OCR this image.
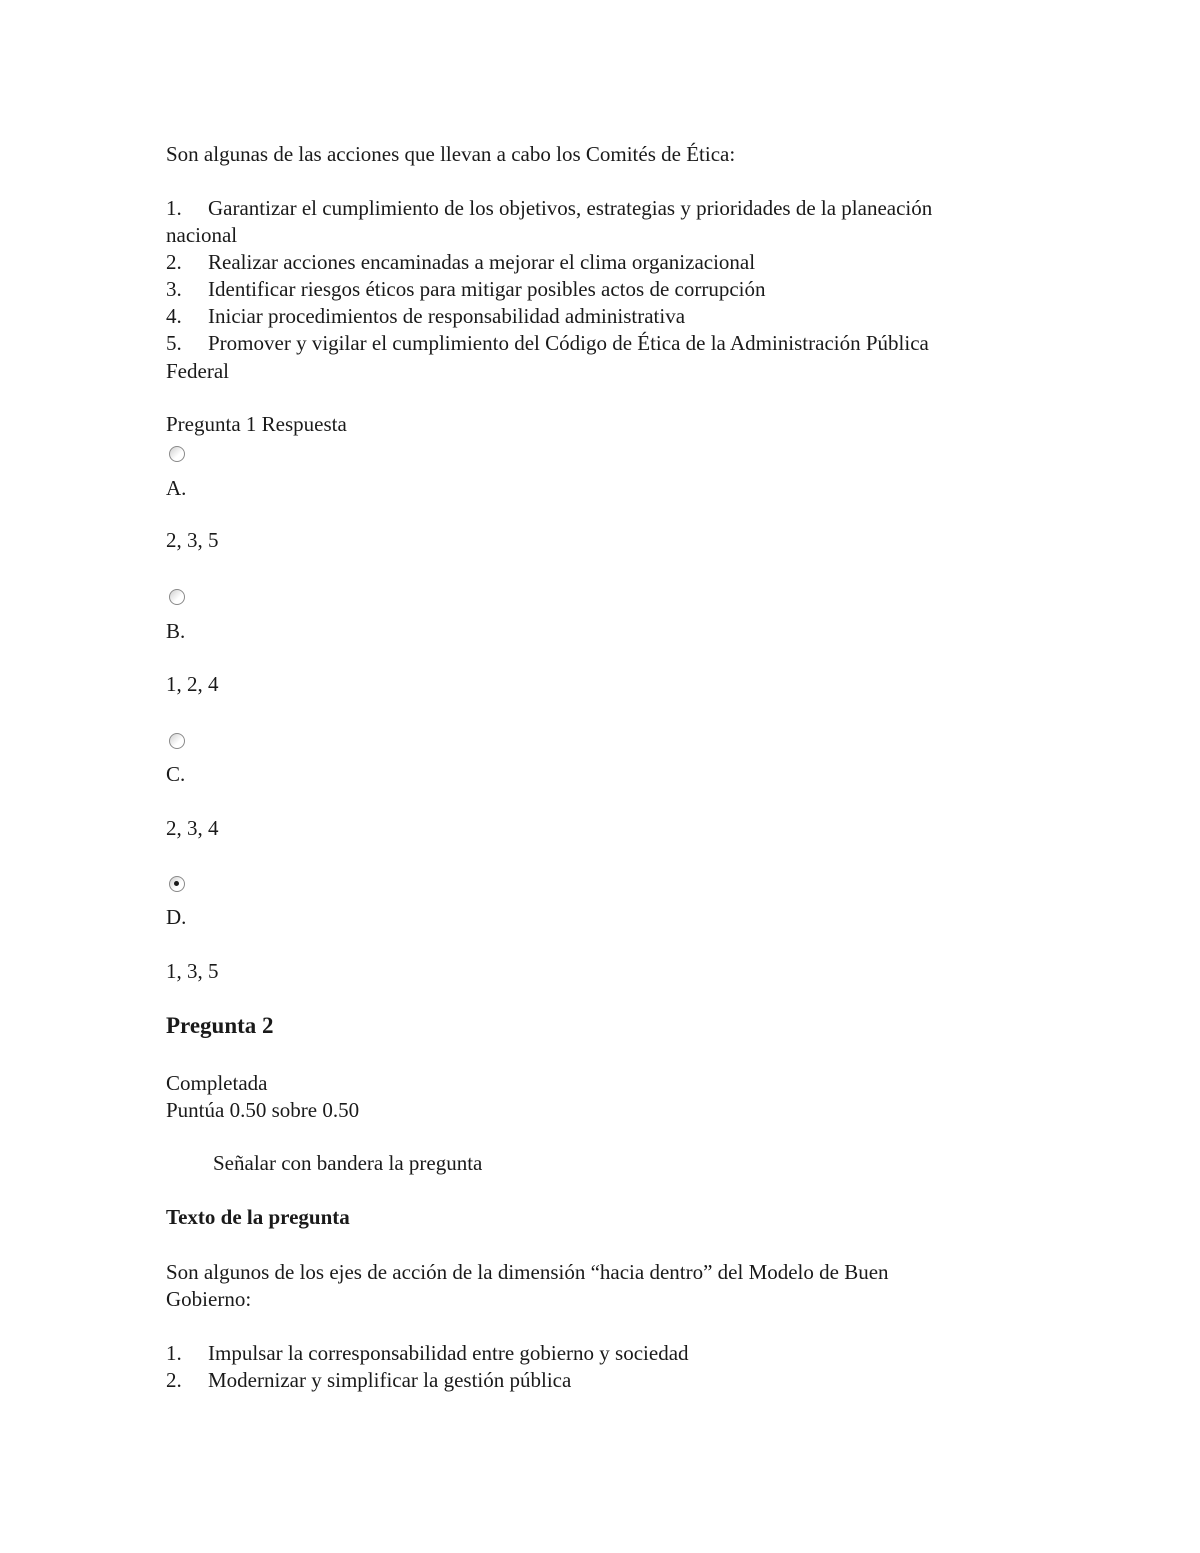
Son algunas de las acciones que llevan a cabo los Comités de Ética:
1. Garantizar el cumplimiento de los objetivos, estrategias y prioridades de la planeación
nacional
2. Realizar acciones encaminadas a mejorar el clima organizacional
3. Identificar riesgos éticos para mitigar posibles actos de corrupción
4. Iniciar procedimientos de responsabilidad administrativa
5. Promover y vigilar el cumplimiento del Código de Ética de la Administración Pública
Federal
Pregunta 1 Respuesta
A.
2, 3, 5
B.
1, 2, 4
C.
2, 3, 4
D.
1, 3, 5
Pregunta 2
Completada
Puntúa 0.50 sobre 0.50
Señalar con bandera la pregunta
Texto de la pregunta
Son algunos de los ejes de acción de la dimensión “hacia dentro” del Modelo de Buen
Gobierno:
1. Impulsar la corresponsabilidad entre gobierno y sociedad
2. Modernizar y simplificar la gestión pública
